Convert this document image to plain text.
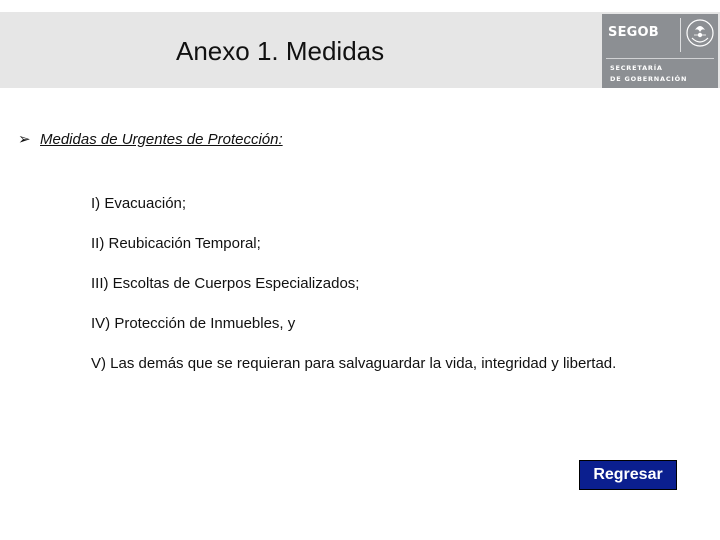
Anexo 1. Medidas
SEGOB
SECRETARÍA
DE GOBERNACIÓN
➢ Medidas de Urgentes de Protección:
I) Evacuación;
II) Reubicación Temporal;
III) Escoltas de Cuerpos Especializados;
IV) Protección de Inmuebles, y
V) Las demás que se requieran para salvaguardar la vida, integridad y libertad.
Regresar
